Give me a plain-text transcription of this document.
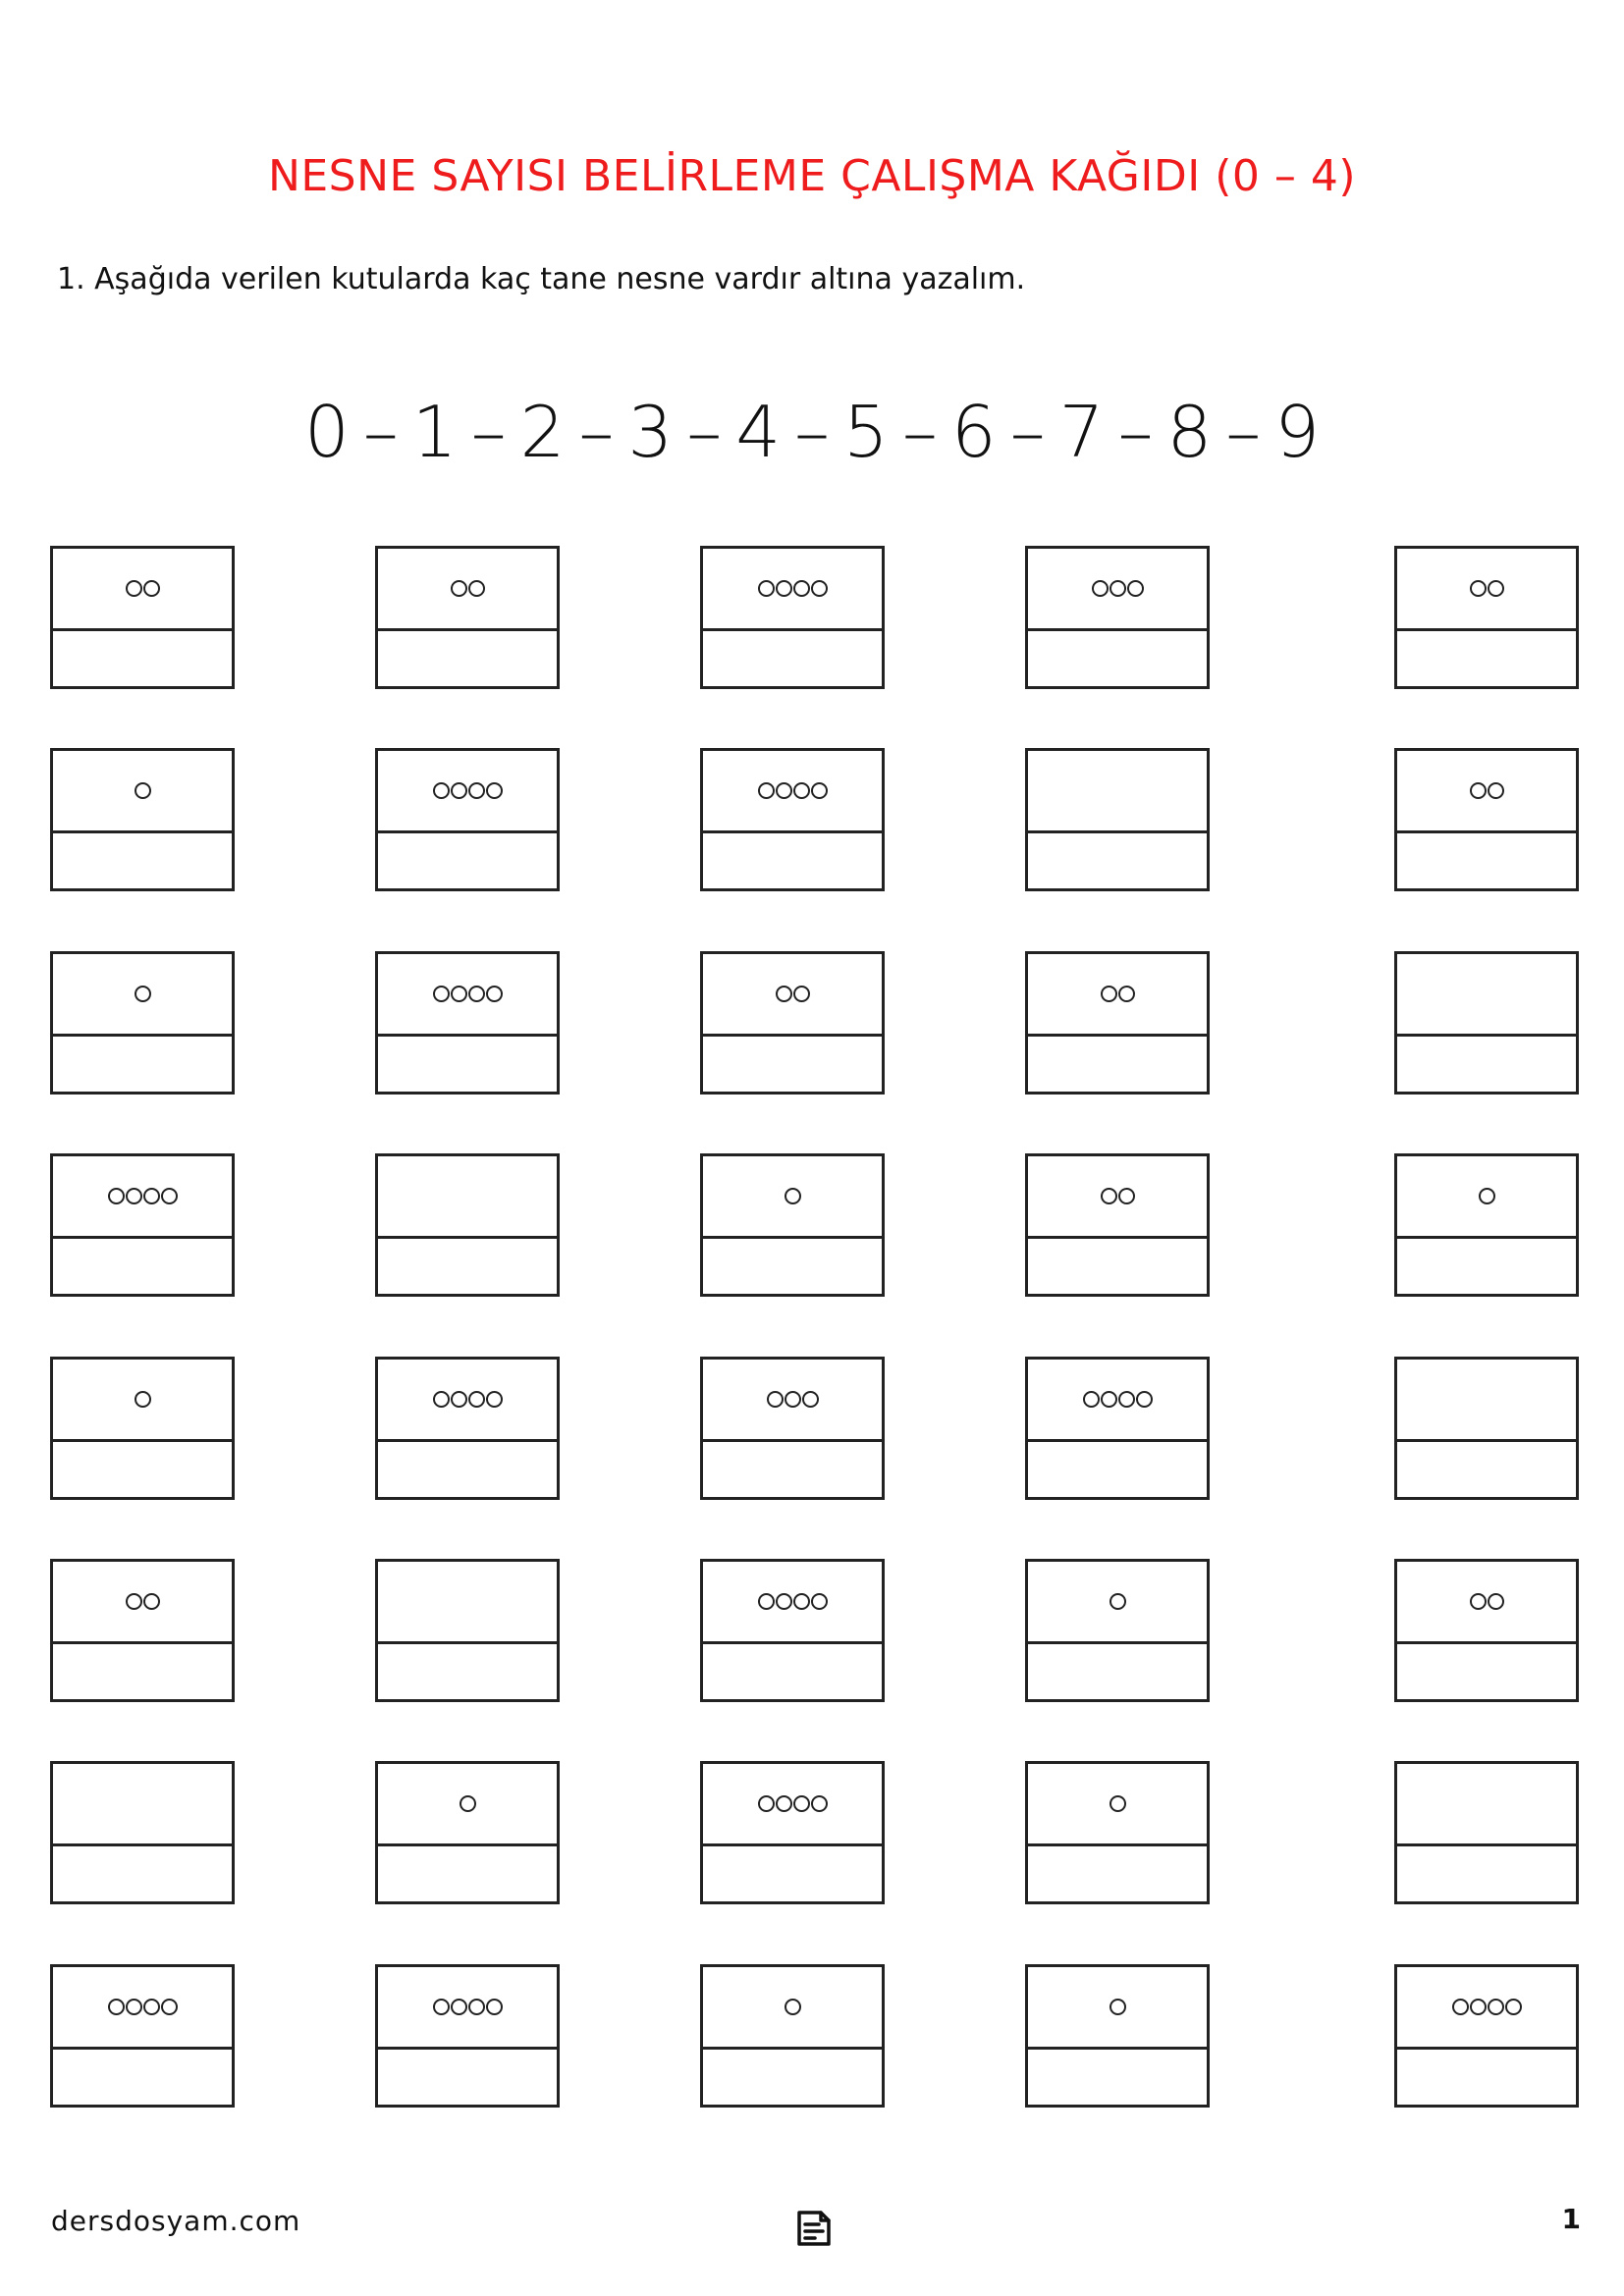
NESNE SAYISI BELİRLEME ÇALIŞMA KAĞIDI (0 – 4)
1. Aşağıda verilen kutularda kaç tane nesne vardır altına yazalım.
0 – 1 – 2 – 3 – 4 – 5 – 6 – 7 – 8 – 9
dersdosyam.com	1
